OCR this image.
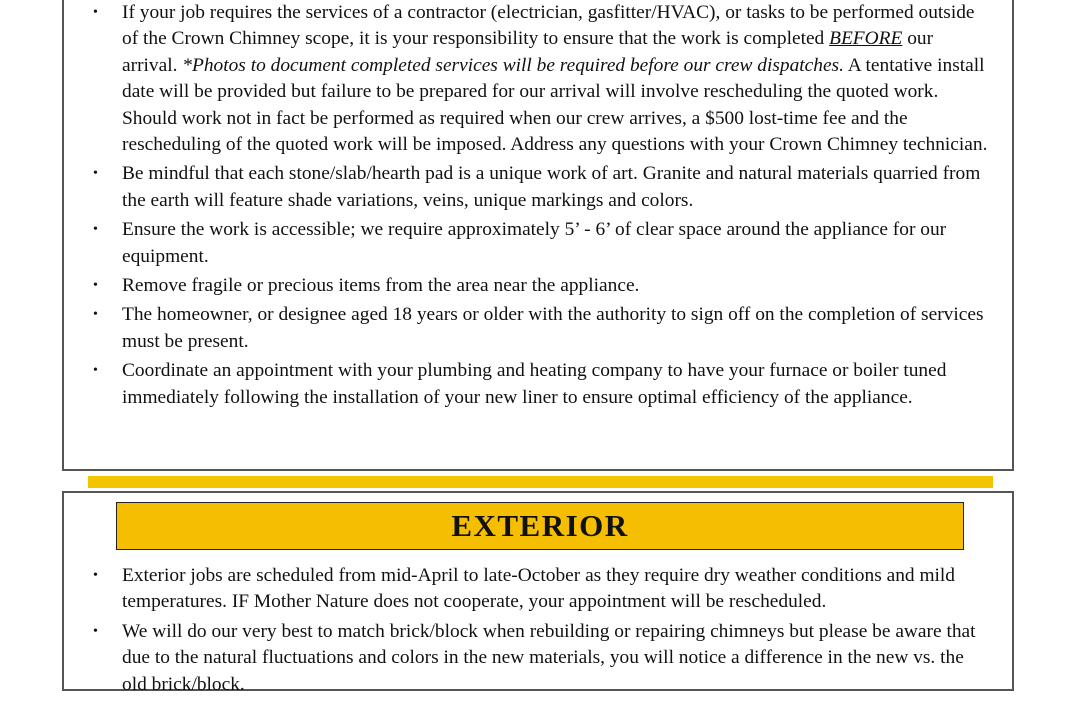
• If your job requires the services of a contractor (electrician, gasfitter/HVAC), or tasks to be performed outside of the Crown Chimney scope, it is your responsibility to ensure that the work is completed BEFORE our arrival. *Photos to document completed services will be required before our crew dispatches. A tentative install date will be provided but failure to be prepared for our arrival will involve rescheduling the quoted work. Should work not in fact be performed as required when our crew arrives, a $500 lost-time fee and the rescheduling of the quoted work will be imposed. Address any questions with your Crown Chimney technician.
• Be mindful that each stone/slab/hearth pad is a unique work of art. Granite and natural materials quarried from the earth will feature shade variations, veins, unique markings and colors.
• Ensure the work is accessible; we require approximately 5’ - 6’ of clear space around the appliance for our equipment.
• Remove fragile or precious items from the area near the appliance.
• The homeowner, or designee aged 18 years or older with the authority to sign off on the completion of services must be present.
• Coordinate an appointment with your plumbing and heating company to have your furnace or boiler tuned immediately following the installation of your new liner to ensure optimal efficiency of the appliance.
EXTERIOR
• Exterior jobs are scheduled from mid-April to late-October as they require dry weather conditions and mild temperatures. IF Mother Nature does not cooperate, your appointment will be rescheduled.
• We will do our very best to match brick/block when rebuilding or repairing chimneys but please be aware that due to the natural fluctuations and colors in the new materials, you will notice a difference in the new vs. the old brick/block.
